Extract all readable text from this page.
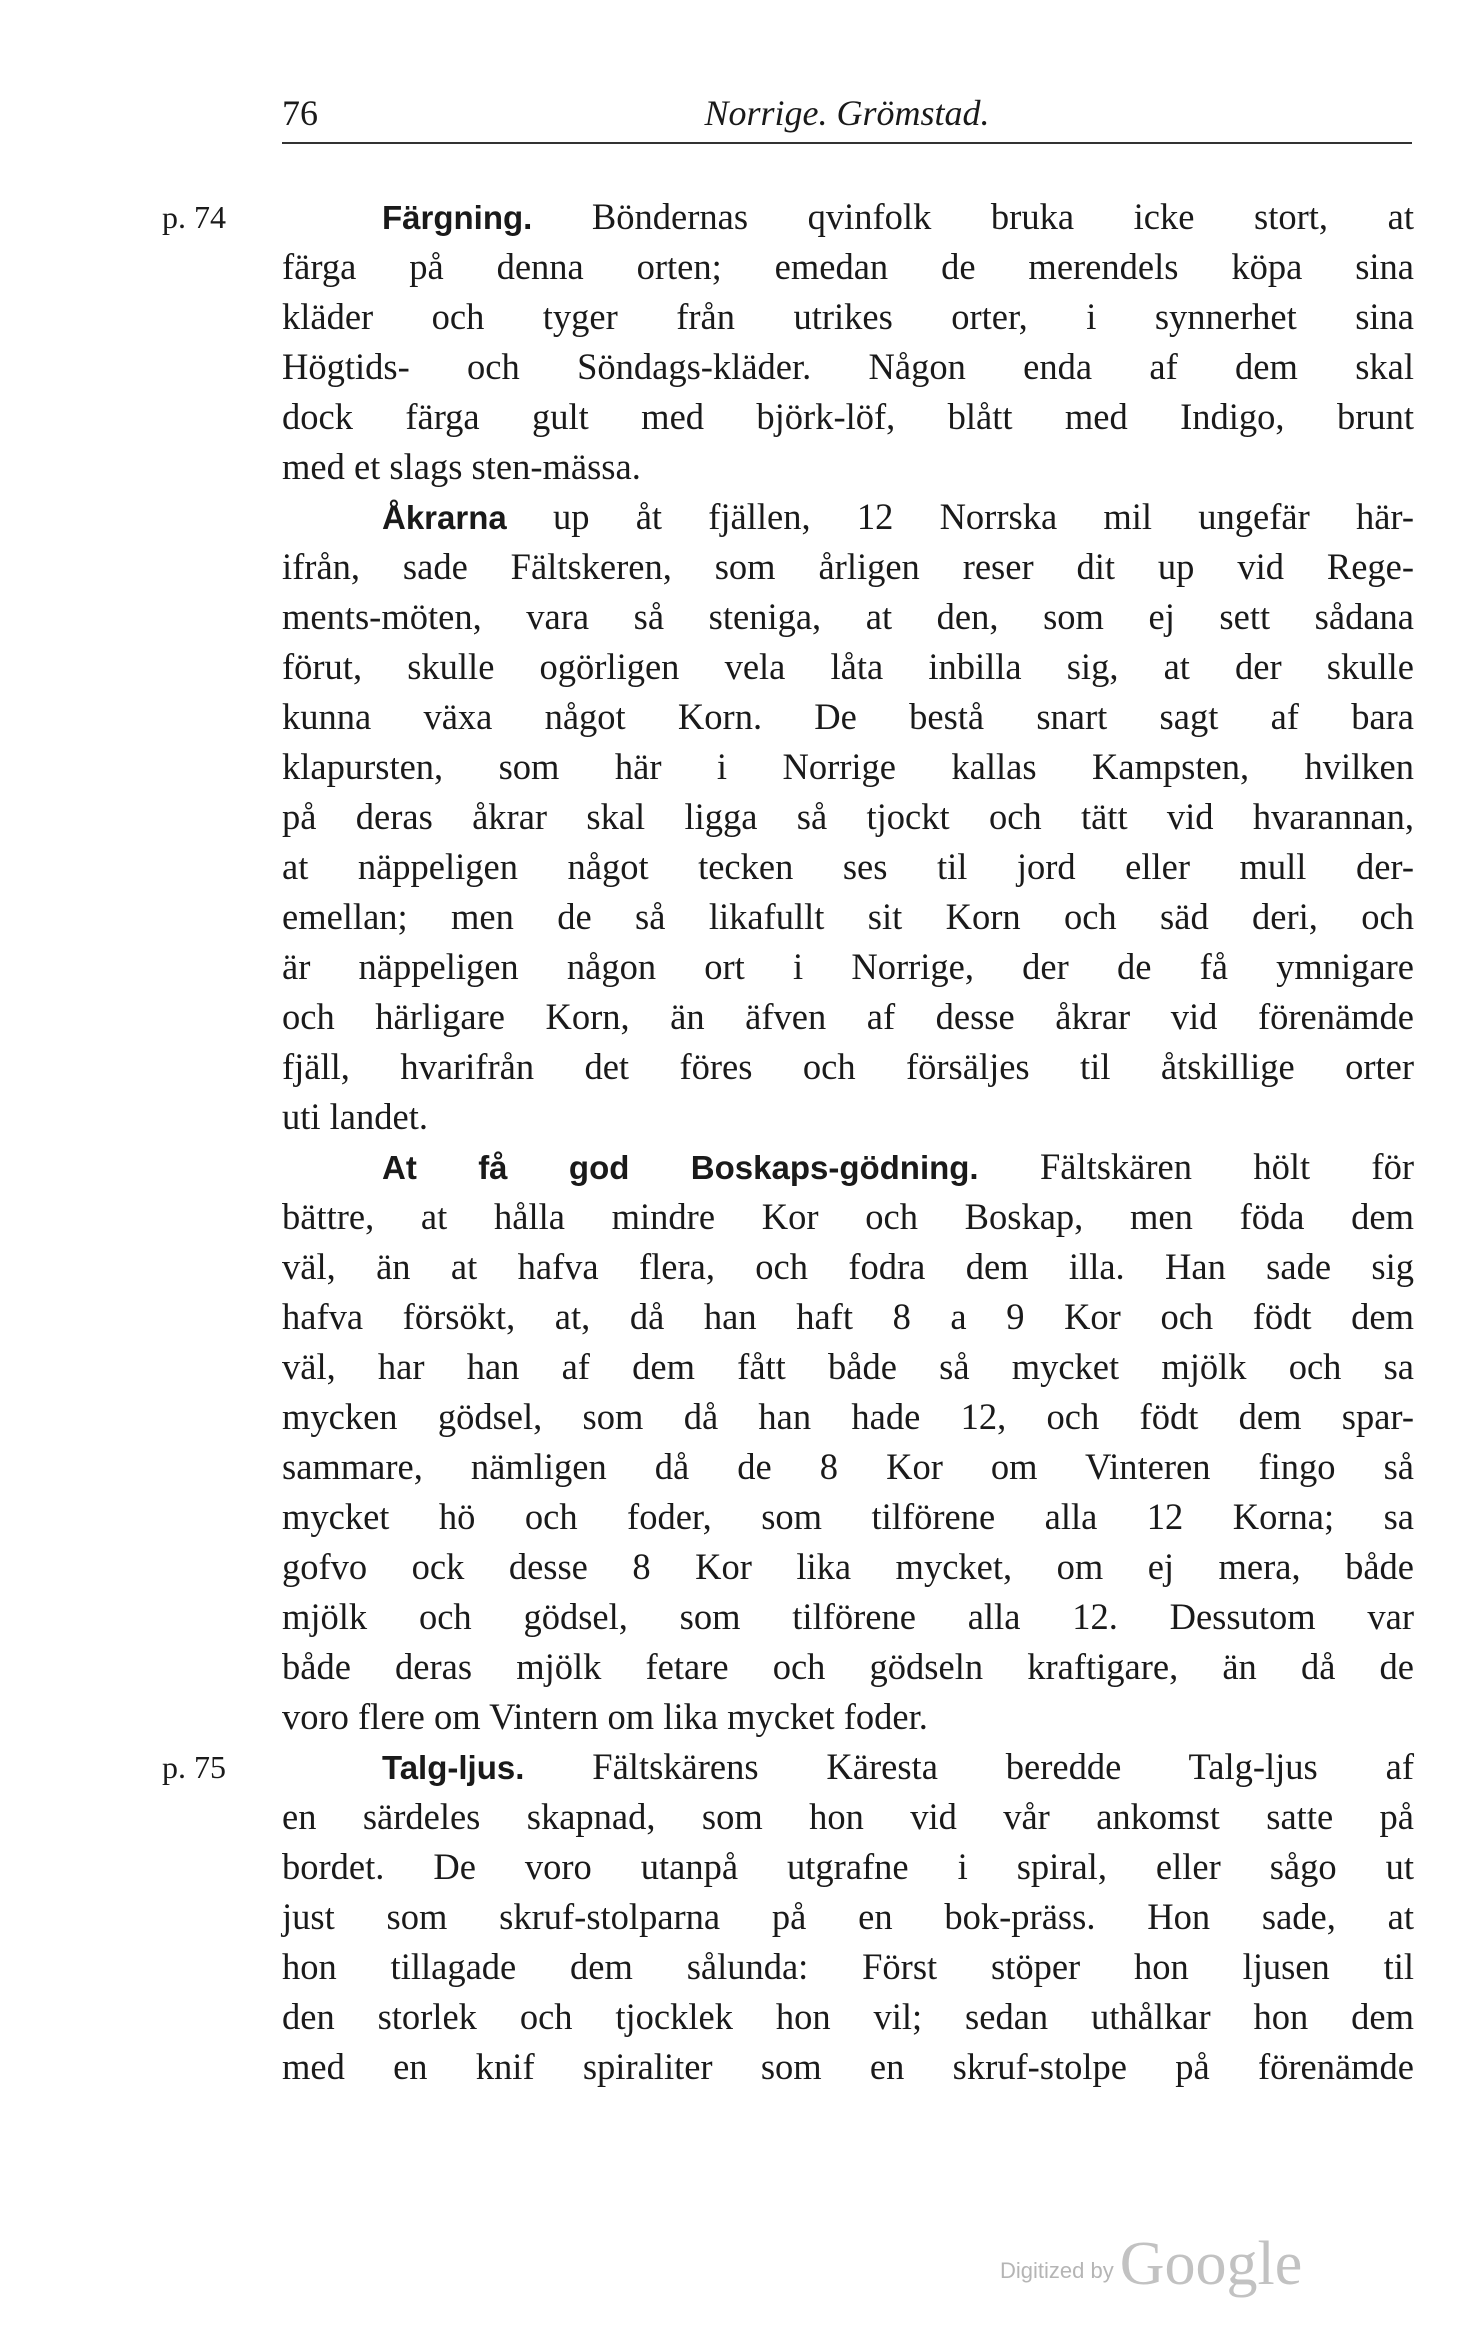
76	Norrige. Grömstad.
p. 74	Färgning. Böndernas qvinfolk bruka icke stort, at
färga på denna orten; emedan de merendels köpa sina
kläder och tyger från utrikes orter, i synnerhet sina
Högtids- och Söndags-kläder. Någon enda af dem skal
dock färga gult med björk-löf, blått med Indigo, brunt
med et slags sten-mässa.
Åkrarna up åt fjällen, 12 Norrska mil ungefär här-
ifrån, sade Fältskeren, som årligen reser dit up vid Rege-
ments-möten, vara så steniga, at den, som ej sett sådana
förut, skulle ogörligen vela låta inbilla sig, at der skulle
kunna växa något Korn. De bestå snart sagt af bara
klapursten, som här i Norrige kallas Kampsten, hvilken
på deras åkrar skal ligga så tjockt och tätt vid hvarannan,
at näppeligen något tecken ses til jord eller mull der-
emellan; men de så likafullt sit Korn och säd deri, och
är näppeligen någon ort i Norrige, der de få ymnigare
och härligare Korn, än äfven af desse åkrar vid förenämde
fjäll, hvarifrån det föres och försäljes til åtskillige orter
uti landet.
At få god Boskaps-gödning. Fältskären hölt för
bättre, at hålla mindre Kor och Boskap, men föda dem
väl, än at hafva flera, och fodra dem illa. Han sade sig
hafva försökt, at, då han haft 8 a 9 Kor och födt dem
väl, har han af dem fått både så mycket mjölk och sa
mycken gödsel, som då han hade 12, och födt dem spar-
sammare, nämligen då de 8 Kor om Vinteren fingo så
mycket hö och foder, som tilförene alla 12 Korna; sa
gofvo ock desse 8 Kor lika mycket, om ej mera, både
mjölk och gödsel, som tilförene alla 12. Dessutom var
både deras mjölk fetare och gödseln kraftigare, än då de
voro flere om Vintern om lika mycket foder.
p. 75	Talg-ljus. Fältskärens Käresta beredde Talg-ljus af
en särdeles skapnad, som hon vid vår ankomst satte på
bordet. De voro utanpå utgrafne i spiral, eller sågo ut
just som skruf-stolparna på en bok-präss. Hon sade, at
hon tillagade dem sålunda: Först stöper hon ljusen til
den storlek och tjocklek hon vil; sedan uthålkar hon dem
med en knif spiraliter som en skruf-stolpe på förenämde
Digitized by Google
